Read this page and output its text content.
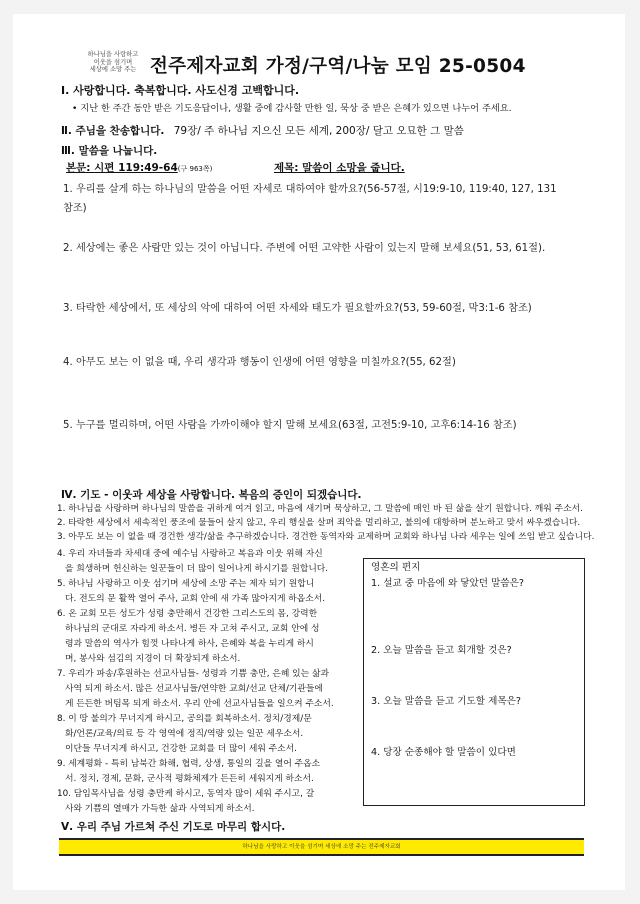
하나님을 사랑하고
이웃을 섬기며
세상에 소망 주는 전주제자교회 가정/구역/나눔 모임 25-0504
Ⅰ. 사랑합니다. 축복합니다. 사도신경 고백합니다.
• 지난 한 주간 동안 받은 기도응답이나, 생활 중에 감사할 만한 일, 묵상 중 받은 은혜가 있으면 나누어 주세요.
Ⅱ. 주님을 찬송합니다. 79장/ 주 하나님 지으신 모든 세계, 200장/ 달고 오묘한 그 말씀
Ⅲ. 말씀을 나눕니다.
본문: 시편 119:49-64(구 963쪽)	제목: 말씀이 소망을 줍니다.
1. 우리를 살게 하는 하나님의 말씀을 어떤 자세로 대하여야 할까요?(56-57절, 시19:9-10, 119:40, 127, 131
참조)
2. 세상에는 좋은 사람만 있는 것이 아닙니다. 주변에 어떤 고약한 사람이 있는지 말해 보세요(51, 53, 61절).
3. 타락한 세상에서, 또 세상의 악에 대하여 어떤 자세와 태도가 필요할까요?(53, 59-60절, 막3:1-6 참조)
4. 아무도 보는 이 없을 때, 우리 생각과 행동이 인생에 어떤 영향을 미칠까요?(55, 62절)
5. 누구를 멀리하며, 어떤 사람을 가까이해야 할지 말해 보세요(63절, 고전5:9-10, 고후6:14-16 참조)
Ⅳ. 기도 - 이웃과 세상을 사랑합니다. 복음의 증인이 되겠습니다.
1. 하나님을 사랑하며 하나님의 말씀을 귀하게 여겨 읽고, 마음에 새기며 묵상하고, 그 말씀에 매인 바 된 삶을 살기 원합니다. 깨워 주소서.
2. 타락한 세상에서 세속적인 풍조에 물들어 살지 않고, 우리 행실을 살펴 죄악을 멀리하고, 불의에 대항하며 분노하고 맞서 싸우겠습니다.
3. 아무도 보는 이 없을 때 경건한 생각/삶을 추구하겠습니다. 경건한 동역자와 교제하며 교회와 하나님 나라 세우는 일에 쓰임 받고 싶습니다.
4. 우리 자녀들과 차세대 중에 예수님 사랑하고 복음과 이웃 위해 자신
을 희생하며 헌신하는 일꾼들이 더 많이 일어나게 하시기를 원합니다.
5. 하나님 사랑하고 이웃 섬기며 세상에 소망 주는 제자 되기 원합니
다. 전도의 문 활짝 열어 주사, 교회 안에 새 가족 많아지게 하옵소서.
6. 온 교회 모든 성도가 성령 충만해서 건강한 그리스도의 몸, 강력한
하나님의 군대로 자라게 하소서. 병든 자 고쳐 주시고, 교회 안에 성
령과 말씀의 역사가 힘껏 나타나게 하사, 은혜와 복을 누리게 하시
며, 봉사와 섬김의 지경이 더 확장되게 하소서.
7. 우리가 파송/후원하는 선교사님들- 성령과 기쁨 충만, 은혜 있는 삶과
사역 되게 하소서. 많은 선교사님들/연약한 교회/선교 단체/기관들에
게 든든한 버팀목 되게 하소서. 우리 안에 선교사님들을 일으켜 주소서.
8. 이 땅 불의가 무너지게 하시고, 공의를 회복하소서. 정치/경제/문
화/언론/교육/의료 등 각 영역에 정직/역량 있는 일꾼 세우소서.
이단들 무너지게 하시고, 건강한 교회를 더 많이 세워 주소서.
9. 세계평화 - 특히 남북간 화해, 협력, 상생, 통일의 길을 열어 주옵소
서. 정치, 경제, 문화, 군사적 평화체제가 든든히 세워지게 하소서.
10. 담임목사님을 성령 충만케 하시고, 동역자 많이 세워 주시고, 갈
사와 기쁨의 열매가 가득한 삶과 사역되게 하소서.
영혼의 편지
1. 설교 중 마음에 와 닿았던 말씀은?
2. 오늘 말씀을 듣고 회개할 것은?
3. 오늘 말씀을 듣고 기도할 제목은?
4. 당장 순종해야 할 말씀이 있다면
Ⅴ. 우리 주님 가르쳐 주신 기도로 마무리 합시다.
하나님을 사랑하고 이웃을 섬기며 세상에 소망 주는 전주제자교회
